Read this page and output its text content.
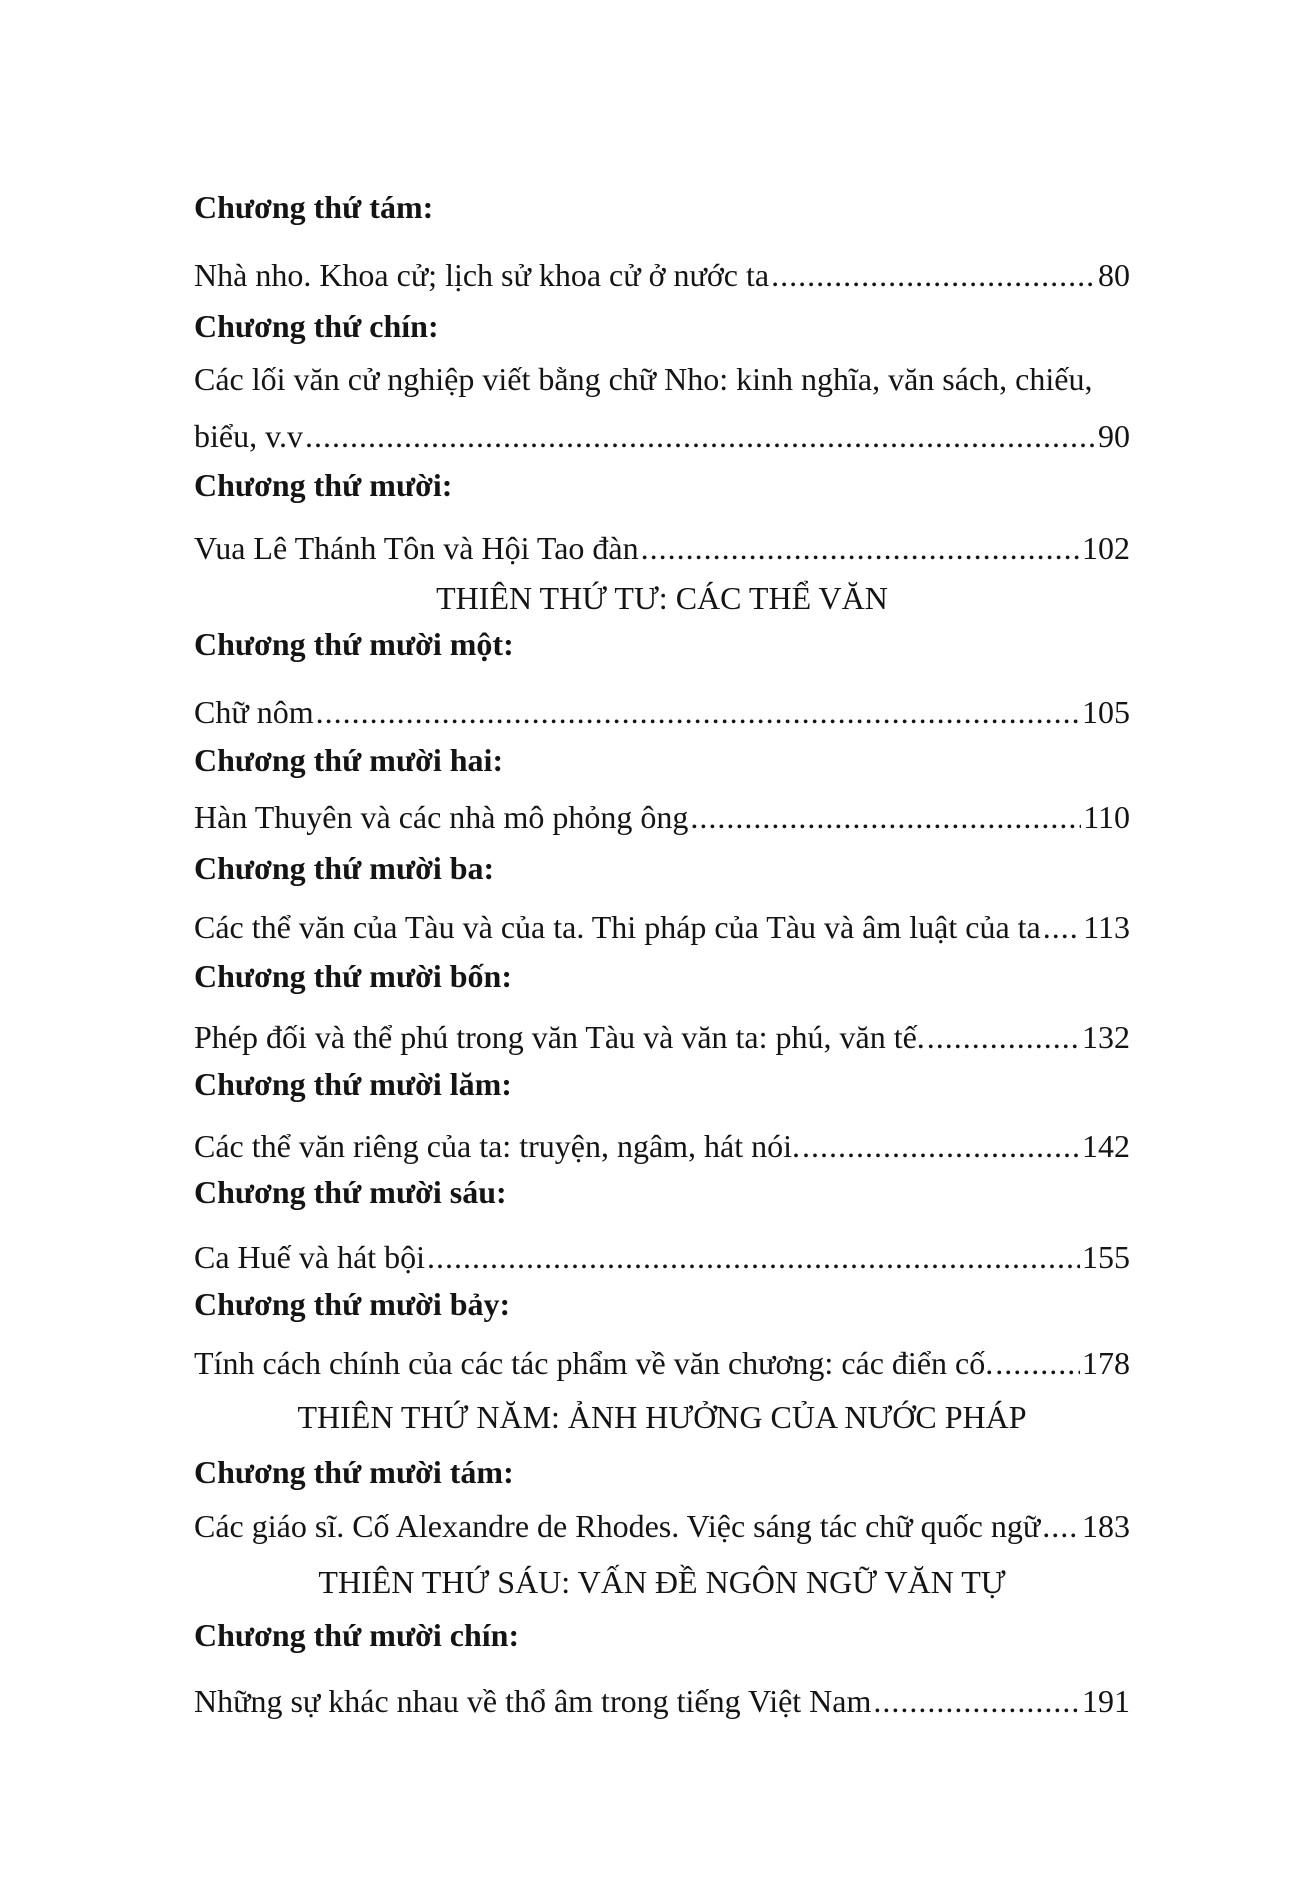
Chương thứ tám:
Nhà nho. Khoa cử; lịch sử khoa cử ở nước ta .....	80
Chương thứ chín:
Các lối văn cử nghiệp viết bằng chữ Nho: kinh nghĩa, văn sách, chiếu,
biểu, v.v .....	90
Chương thứ mười:
Vua Lê Thánh Tôn và Hội Tao đàn .....	102
THIÊN THỨ TƯ: CÁC THỂ VĂN
Chương thứ mười một:
Chữ nôm .....	105
Chương thứ mười hai:
Hàn Thuyên và các nhà mô phỏng ông .....	110
Chương thứ mười ba:
Các thể văn của Tàu và của ta. Thi pháp của Tàu và âm luật của ta ..... 113
Chương thứ mười bốn:
Phép đối và thể phú trong văn Tàu và văn ta: phú, văn tế. .....	132
Chương thứ mười lăm:
Các thể văn riêng của ta: truyện, ngâm, hát nói. .....	142
Chương thứ mười sáu:
Ca Huế và hát bội .....	155
Chương thứ mười bảy:
Tính cách chính của các tác phẩm về văn chương: các điển cố. .....	178
THIÊN THỨ NĂM: ẢNH HƯỞNG CỦA NƯỚC PHÁP
Chương thứ mười tám:
Các giáo sĩ. Cố Alexandre de Rhodes. Việc sáng tác chữ quốc ngữ ..... 183
THIÊN THỨ SÁU: VẤN ĐỀ NGÔN NGỮ VĂN TỰ
Chương thứ mười chín:
Những sự khác nhau về thổ âm trong tiếng Việt Nam .....	191
